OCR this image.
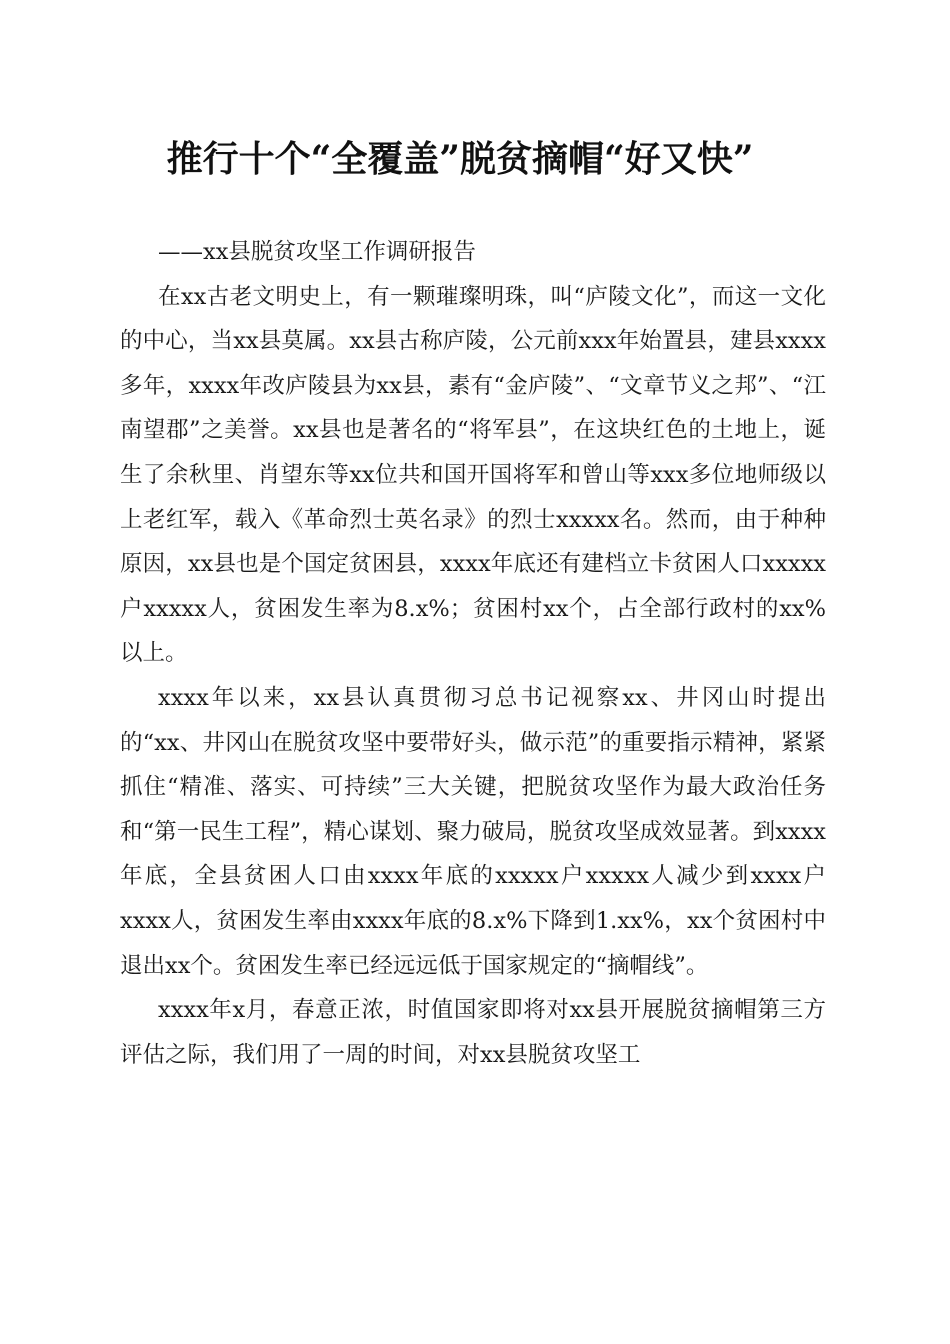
推行十个“全覆盖”脱贫摘帽“好又快”

——xx县脱贫攻坚工作调研报告

在xx古老文明史上，有一颗璀璨明珠，叫“庐陵文化”，而这一文化的中心，当xx县莫属。xx县古称庐陵，公元前xxx年始置县，建县xxxx多年，xxxx年改庐陵县为xx县，素有“金庐陵”、“文章节义之邦”、“江南望郡”之美誉。xx县也是著名的“将军县”，在这块红色的土地上，诞生了余秋里、肖望东等xx位共和国开国将军和曾山等xxx多位地师级以上老红军，载入《革命烈士英名录》的烈士xxxxx名。然而，由于种种原因，xx县也是个国定贫困县，xxxx年底还有建档立卡贫困人口xxxxx户xxxxx人，贫困发生率为8.x%；贫困村xx个，占全部行政村的xx%以上。

xxxx年以来，xx县认真贯彻习总书记视察xx、井冈山时提出的“xx、井冈山在脱贫攻坚中要带好头，做示范”的重要指示精神，紧紧抓住“精准、落实、可持续”三大关键，把脱贫攻坚作为最大政治任务和“第一民生工程”，精心谋划、聚力破局，脱贫攻坚成效显著。到xxxx年底，全县贫困人口由xxxx年底的xxxxx户xxxxx人减少到xxxx户xxxx人，贫困发生率由xxxx年底的8.x%下降到1.xx%，xx个贫困村中退出xx个。贫困发生率已经远远低于国家规定的“摘帽线”。

xxxx年x月，春意正浓，时值国家即将对xx县开展脱贫摘帽第三方评估之际，我们用了一周的时间，对xx县脱贫攻坚工
